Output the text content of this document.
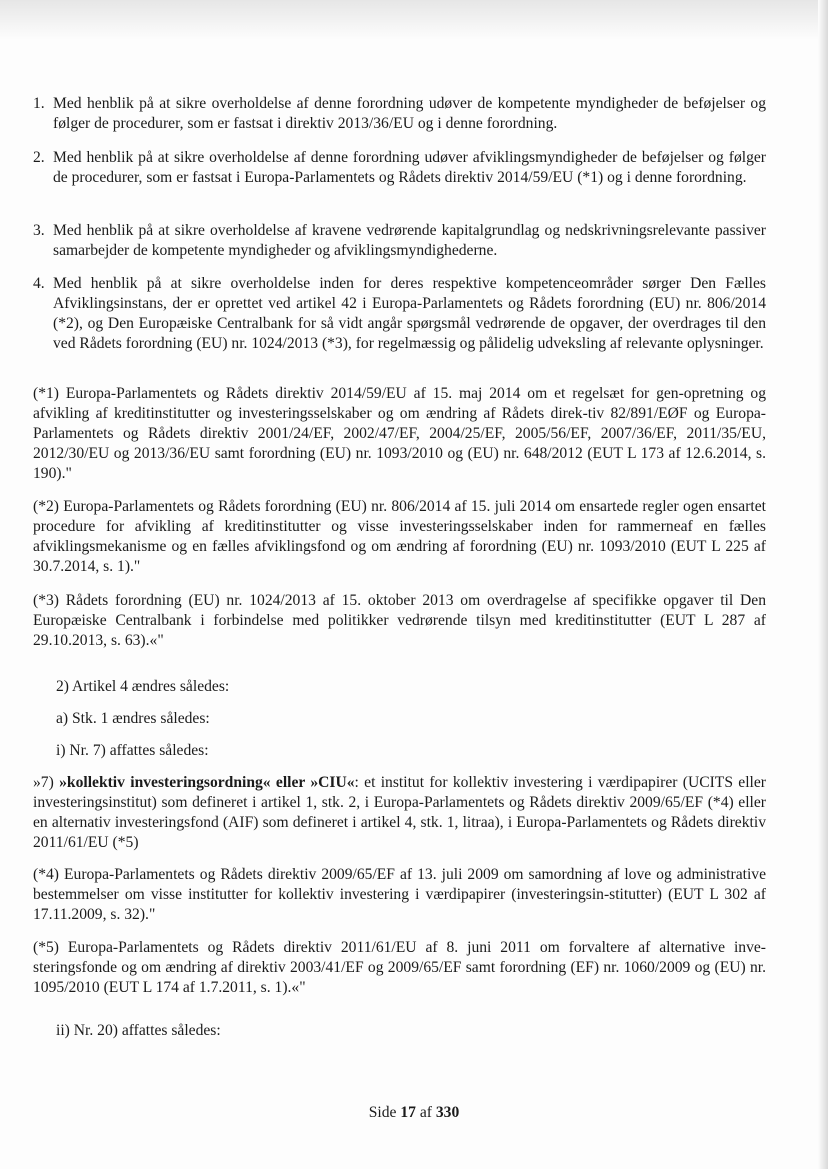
1. Med henblik på at sikre overholdelse af denne forordning udøver de kompetente myndigheder de beføjelser og følger de procedurer, som er fastsat i direktiv 2013/36/EU og i denne forordning.
2. Med henblik på at sikre overholdelse af denne forordning udøver afviklingsmyndigheder de beføjelser og følger de procedurer, som er fastsat i Europa-Parlamentets og Rådets direktiv 2014/59/EU (*1) og i denne forordning.
3. Med henblik på at sikre overholdelse af kravene vedrørende kapitalgrundlag og nedskrivningsrelevante passiver samarbejder de kompetente myndigheder og afviklingsmyndighederne.
4. Med henblik på at sikre overholdelse inden for deres respektive kompetenceområder sørger Den Fælles Afviklingsinstans, der er oprettet ved artikel 42 i Europa-Parlamentets og Rådets forordning (EU) nr. 806/2014 (*2), og Den Europæiske Centralbank for så vidt angår spørgsmål vedrørende de opgaver, der overdrages til den ved Rådets forordning (EU) nr. 1024/2013 (*3), for regelmæssig og pålidelig udveksling af relevante oplysninger.
(*1) Europa-Parlamentets og Rådets direktiv 2014/59/EU af 15. maj 2014 om et regelsæt for gen-opretning og afvikling af kreditinstitutter og investeringsselskaber og om ændring af Rådets direk-tiv 82/891/EØF og Europa-Parlamentets og Rådets direktiv 2001/24/EF, 2002/47/EF, 2004/25/EF, 2005/56/EF, 2007/36/EF, 2011/35/EU, 2012/30/EU og 2013/36/EU samt forordning (EU) nr. 1093/2010 og (EU) nr. 648/2012 (EUT L 173 af 12.6.2014, s. 190)."
(*2) Europa-Parlamentets og Rådets forordning (EU) nr. 806/2014 af 15. juli 2014 om ensartede regler ogen ensartet procedure for afvikling af kreditinstitutter og visse investeringsselskaber inden for rammerneaf en fælles afviklingsmekanisme og en fælles afviklingsfond og om ændring af forordning (EU) nr. 1093/2010 (EUT L 225 af 30.7.2014, s. 1)."
(*3) Rådets forordning (EU) nr. 1024/2013 af 15. oktober 2013 om overdragelse af specifikke opgaver til Den Europæiske Centralbank i forbindelse med politikker vedrørende tilsyn med kreditinstitutter (EUT L 287 af 29.10.2013, s. 63).«"
2) Artikel 4 ændres således:
a) Stk. 1 ændres således:
i) Nr. 7) affattes således:
»7) »kollektiv investeringsordning« eller »CIU«: et institut for kollektiv investering i værdipapirer (UCITS eller investeringsinstitut) som defineret i artikel 1, stk. 2, i Europa-Parlamentets og Rådets direktiv 2009/65/EF (*4) eller en alternativ investeringsfond (AIF) som defineret i artikel 4, stk. 1, litraa), i Europa-Parlamentets og Rådets direktiv 2011/61/EU (*5)
(*4) Europa-Parlamentets og Rådets direktiv 2009/65/EF af 13. juli 2009 om samordning af love og administrative bestemmelser om visse institutter for kollektiv investering i værdipapirer (investeringsin-stitutter) (EUT L 302 af 17.11.2009, s. 32)."
(*5) Europa-Parlamentets og Rådets direktiv 2011/61/EU af 8. juni 2011 om forvaltere af alternative inve-steringsfonde og om ændring af direktiv 2003/41/EF og 2009/65/EF samt forordning (EF) nr. 1060/2009 og (EU) nr. 1095/2010 (EUT L 174 af 1.7.2011, s. 1).«"
ii) Nr. 20) affattes således:
Side 17 af 330
